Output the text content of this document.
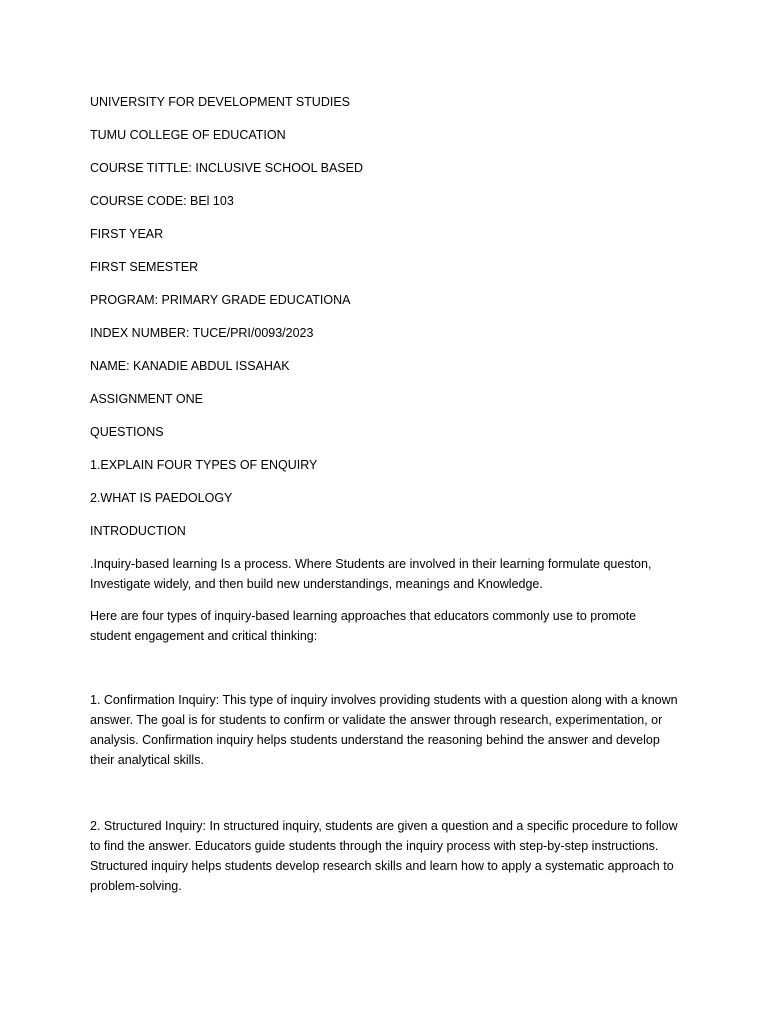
UNIVERSITY FOR DEVELOPMENT STUDIES
TUMU COLLEGE OF EDUCATION
COURSE TITTLE: INCLUSIVE SCHOOL BASED
COURSE CODE: BEl 103
FIRST YEAR
FIRST SEMESTER
PROGRAM: PRIMARY GRADE EDUCATIONA
INDEX NUMBER: TUCE/PRI/0093/2023
NAME: KANADIE ABDUL ISSAHAK
ASSIGNMENT ONE
QUESTIONS
1.EXPLAIN FOUR TYPES OF ENQUIRY
2.WHAT IS PAEDOLOGY
INTRODUCTION

.Inquiry-based learning Is a process. Where Students are involved in their learning formulate queston, Investigate widely, and then build new understandings, meanings and Knowledge.

Here are four types of inquiry-based learning approaches that educators commonly use to promote student engagement and critical thinking:

1. Confirmation Inquiry: This type of inquiry involves providing students with a question along with a known answer. The goal is for students to confirm or validate the answer through research, experimentation, or analysis. Confirmation inquiry helps students understand the reasoning behind the answer and develop their analytical skills.

2. Structured Inquiry: In structured inquiry, students are given a question and a specific procedure to follow to find the answer. Educators guide students through the inquiry process with step-by-step instructions. Structured inquiry helps students develop research skills and learn how to apply a systematic approach to problem-solving.
